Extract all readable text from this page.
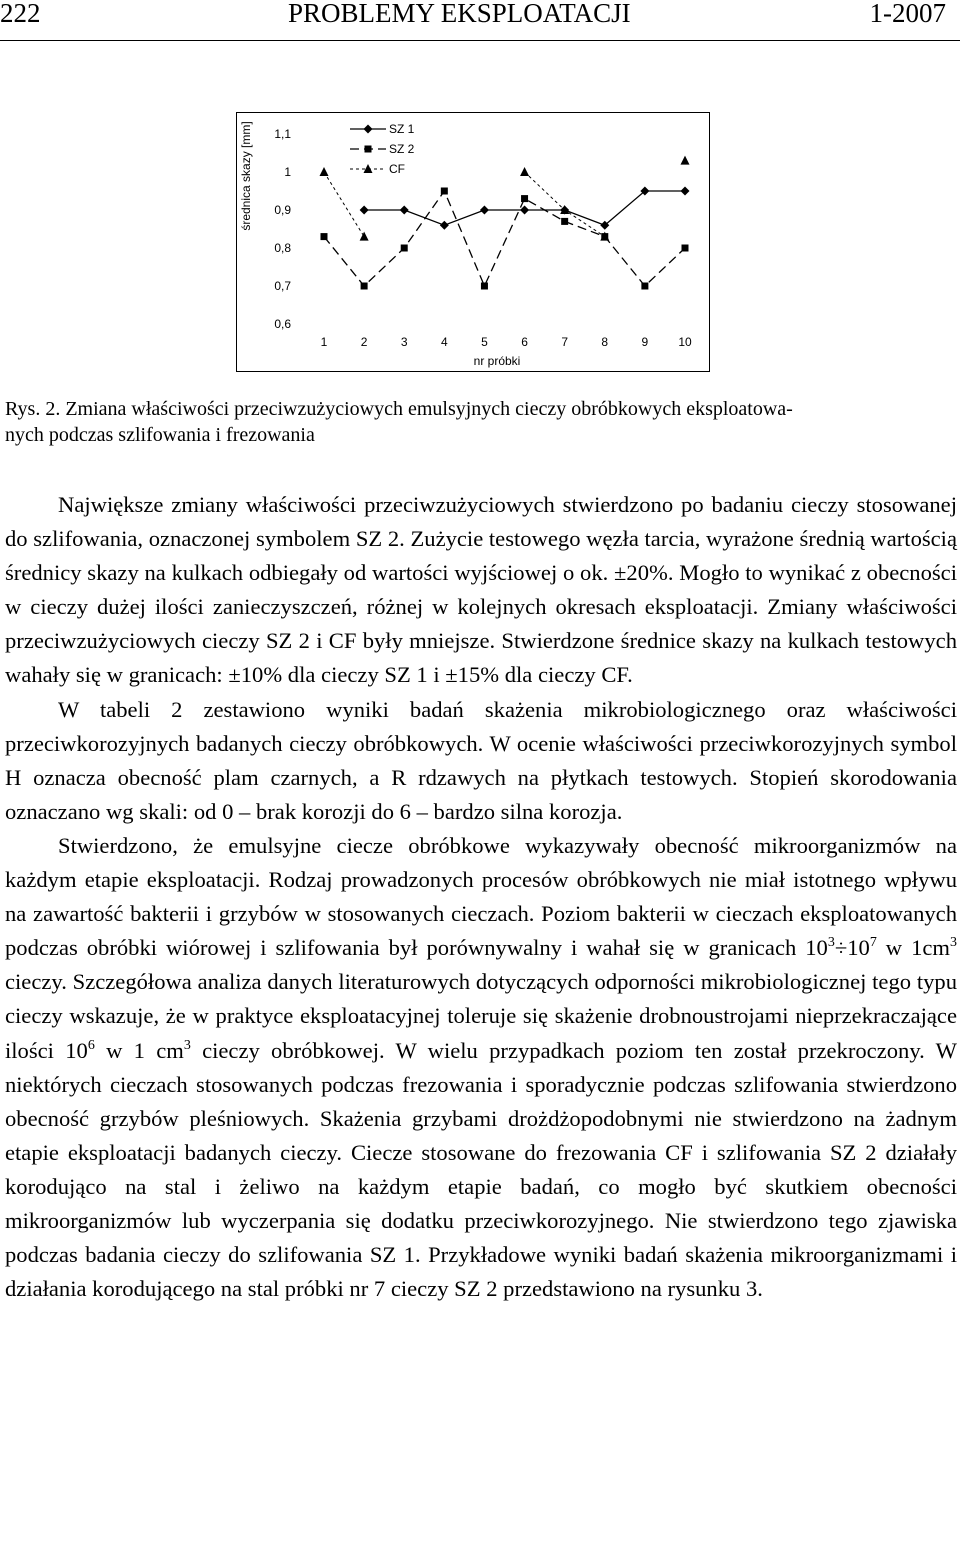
222	PROBLEMY EKSPLOATACJI	1-2007
średnica skazy [mm]
nr próbki
0,6
0,7
0,8
0,9
1
1,1
1	2	3	4	5	6	7	8	9	10
SZ 1
SZ 2
CF
Rys. 2. Zmiana właściwości przeciwzużyciowych emulsyjnych cieczy obróbkowych eksploatowa-
nych podczas szlifowania i frezowania

Największe zmiany właściwości przeciwzużyciowych stwierdzono po badaniu cieczy stosowanej do szlifowania, oznaczonej symbolem SZ 2. Zużycie testowego węzła tarcia, wyrażone średnią wartością średnicy skazy na kulkach odbiegały od wartości wyjściowej o ok. ±20%. Mogło to wynikać z obecności w cieczy dużej ilości zanieczyszczeń, różnej w kolejnych okresach eksploatacji. Zmiany właściwości przeciwzużyciowych cieczy SZ 2 i CF były mniejsze. Stwierdzone średnice skazy na kulkach testowych wahały się w granicach: ±10% dla cieczy SZ 1 i ±15% dla cieczy CF.

W tabeli 2 zestawiono wyniki badań skażenia mikrobiologicznego oraz właściwości przeciwkorozyjnych badanych cieczy obróbkowych. W ocenie właściwości przeciwkorozyjnych symbol H oznacza obecność plam czarnych, a R rdzawych na płytkach testowych. Stopień skorodowania oznaczano wg skali: od 0 – brak korozji do 6 – bardzo silna korozja.

Stwierdzono, że emulsyjne ciecze obróbkowe wykazywały obecność mikroorganizmów na każdym etapie eksploatacji. Rodzaj prowadzonych procesów obróbkowych nie miał istotnego wpływu na zawartość bakterii i grzybów w stosowanych cieczach. Poziom bakterii w cieczach eksploatowanych podczas obróbki wiórowej i szlifowania był porównywalny i wahał się w granicach $10^3\div 10^7$ w $1cm^3$ cieczy. Szczegółowa analiza danych literaturowych dotyczących odporności mikrobiologicznej tego typu cieczy wskazuje, że w praktyce eksploatacyjnej toleruje się skażenie drobnoustrojami nieprzekraczające ilości $10^6$ w 1 $cm^3$ cieczy obróbkowej. W wielu przypadkach poziom ten został przekroczony. W niektórych cieczach stosowanych podczas frezowania i sporadycznie podczas szlifowania stwierdzono obecność grzybów pleśniowych. Skażenia grzybami drożdżopodobnymi nie stwierdzono na żadnym etapie eksploatacji badanych cieczy. Ciecze stosowane do frezowania CF i szlifowania SZ 2 działały korodująco na stal i żeliwo na każdym etapie badań, co mogło być skutkiem obecności mikroorganizmów lub wyczerpania się dodatku przeciwkorozyjnego. Nie stwierdzono tego zjawiska podczas badania cieczy do szlifowania SZ 1. Przykładowe wyniki badań skażenia mikroorganizmami i działania korodującego na stal próbki nr 7 cieczy SZ 2 przedstawiono na rysunku 3.
